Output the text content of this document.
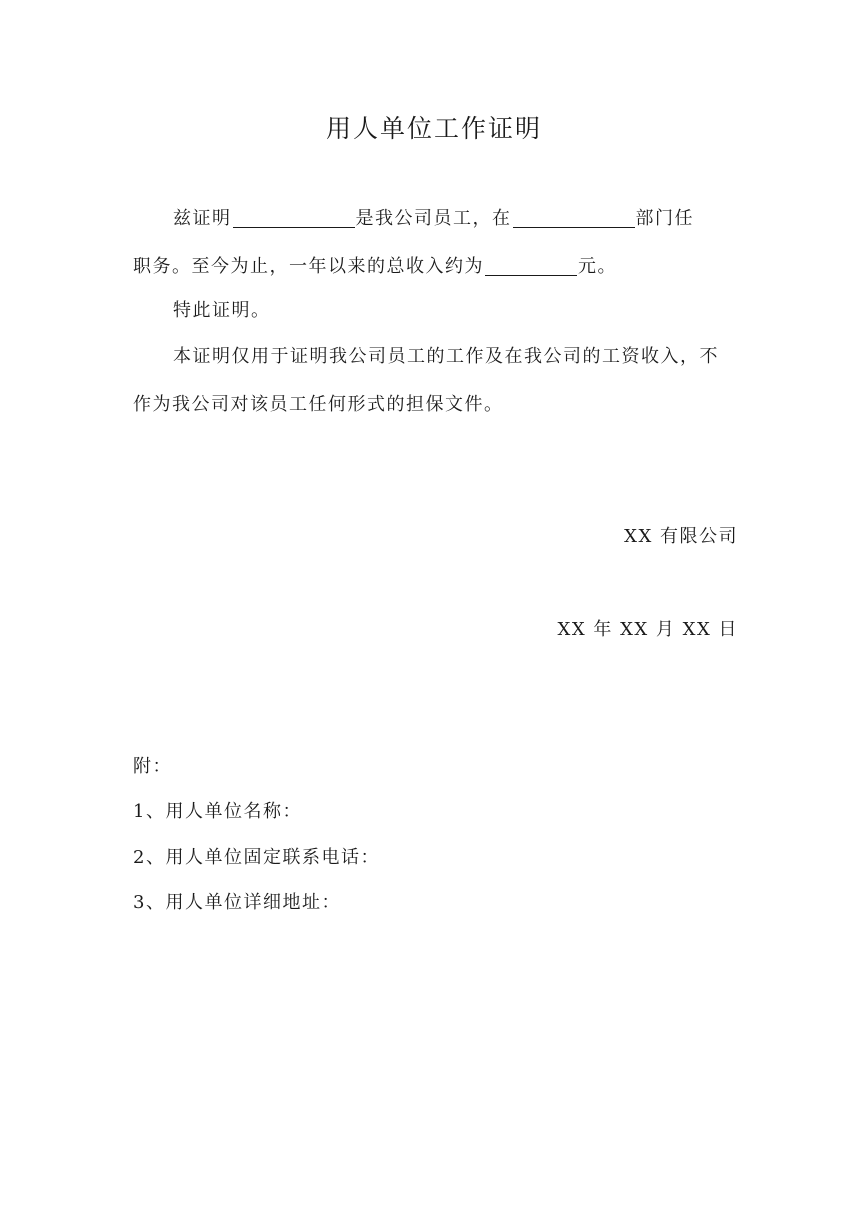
用人单位工作证明
兹证明	是我公司员工，在	部门任
职务。至今为止，一年以来的总收入约为	元。
特此证明。
本证明仅用于证明我公司员工的工作及在我公司的工资收入，不
作为我公司对该员工任何形式的担保文件。
XX 有限公司
XX 年 XX 月 XX 日
附：
1、用人单位名称：
2、用人单位固定联系电话：
3、用人单位详细地址：
